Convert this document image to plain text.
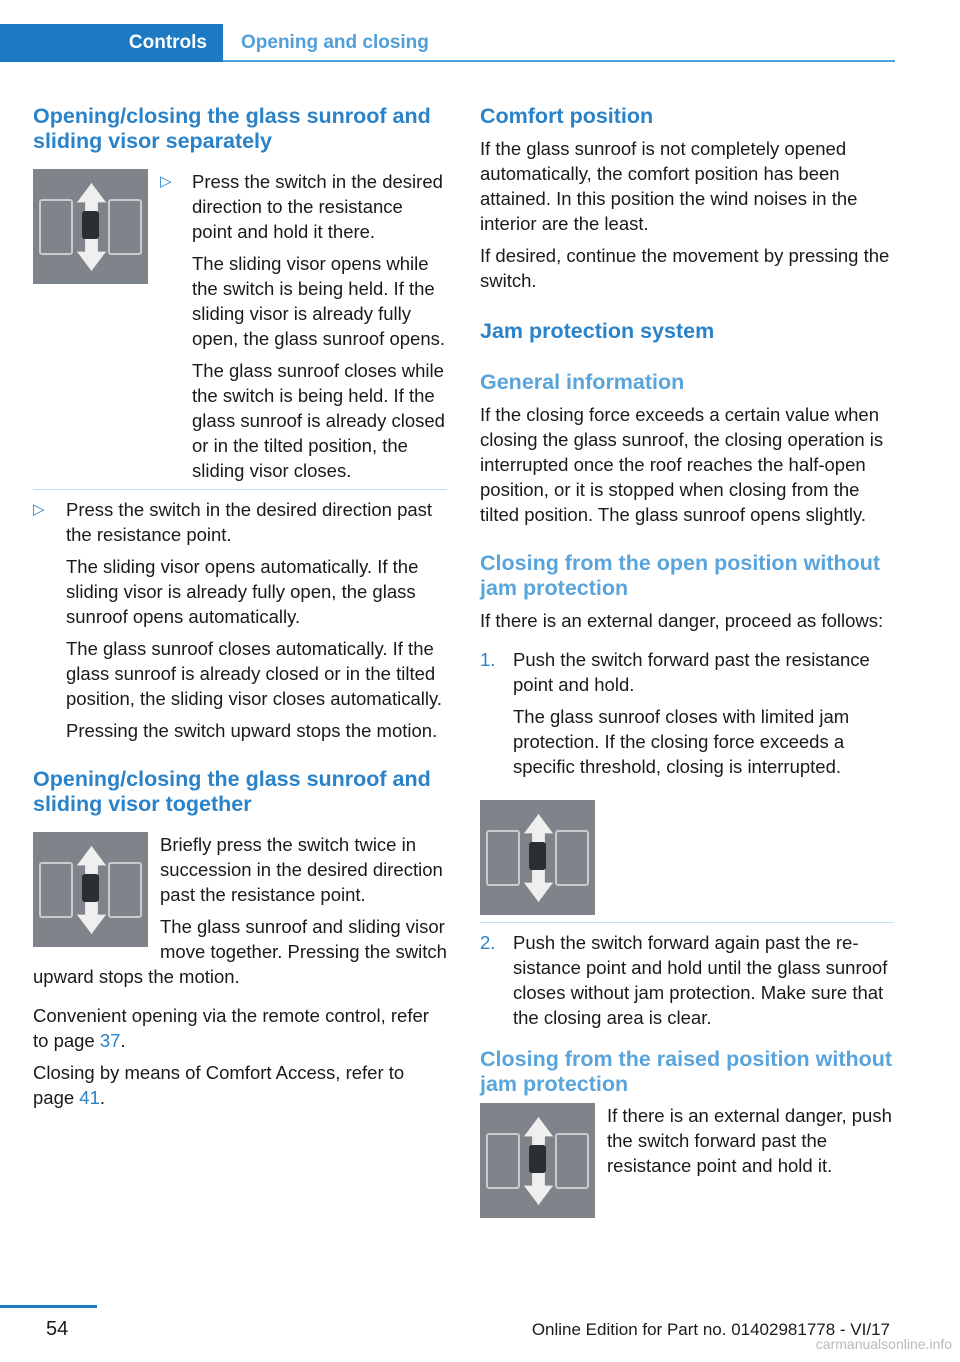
Controls	Opening and closing
Opening/closing the glass sunroof and sliding visor separately
▷ Press the switch in the desired direction to the resistance point and hold it there.

The sliding visor opens while the switch is being held. If the sliding visor is already fully open, the glass sunroof opens.

The glass sunroof closes while the switch is being held. If the glass sunroof is already closed or in the tilted position, the sliding visor closes.

▷ Press the switch in the desired direction past the resistance point.

The sliding visor opens automatically. If the sliding visor is already fully open, the glass sunroof opens automatically.

The glass sunroof closes automatically. If the glass sunroof is already closed or in the tilted position, the sliding visor closes automatically.

Pressing the switch upward stops the motion.

Opening/closing the glass sunroof and sliding visor together

Briefly press the switch twice in succession in the desired direction past the resistance point.

The glass sunroof and sliding visor move together. Pressing the switch upward stops the motion.

Convenient opening via the remote control, refer to page 37.

Closing by means of Comfort Access, refer to page 41.

Comfort position

If the glass sunroof is not completely opened automatically, the comfort position has been attained. In this position the wind noises in the interior are the least.

If desired, continue the movement by pressing the switch.

Jam protection system
General information

If the closing force exceeds a certain value when closing the glass sunroof, the closing operation is interrupted once the roof reaches the half-open position, or it is stopped when closing from the tilted position. The glass sunroof opens slightly.

Closing from the open position without jam protection

If there is an external danger, proceed as follows:

1. Push the switch forward past the resistance point and hold.

The glass sunroof closes with limited jam protection. If the closing force exceeds a specific threshold, closing is interrupted.

2. Push the switch forward again past the resistance point and hold until the glass sunroof closes without jam protection. Make sure that the closing area is clear.

Closing from the raised position without jam protection

If there is an external danger, push the switch forward past the resistance point and hold it.

54	Online Edition for Part no. 01402981778 - VI/17
carmanualsonline.info
